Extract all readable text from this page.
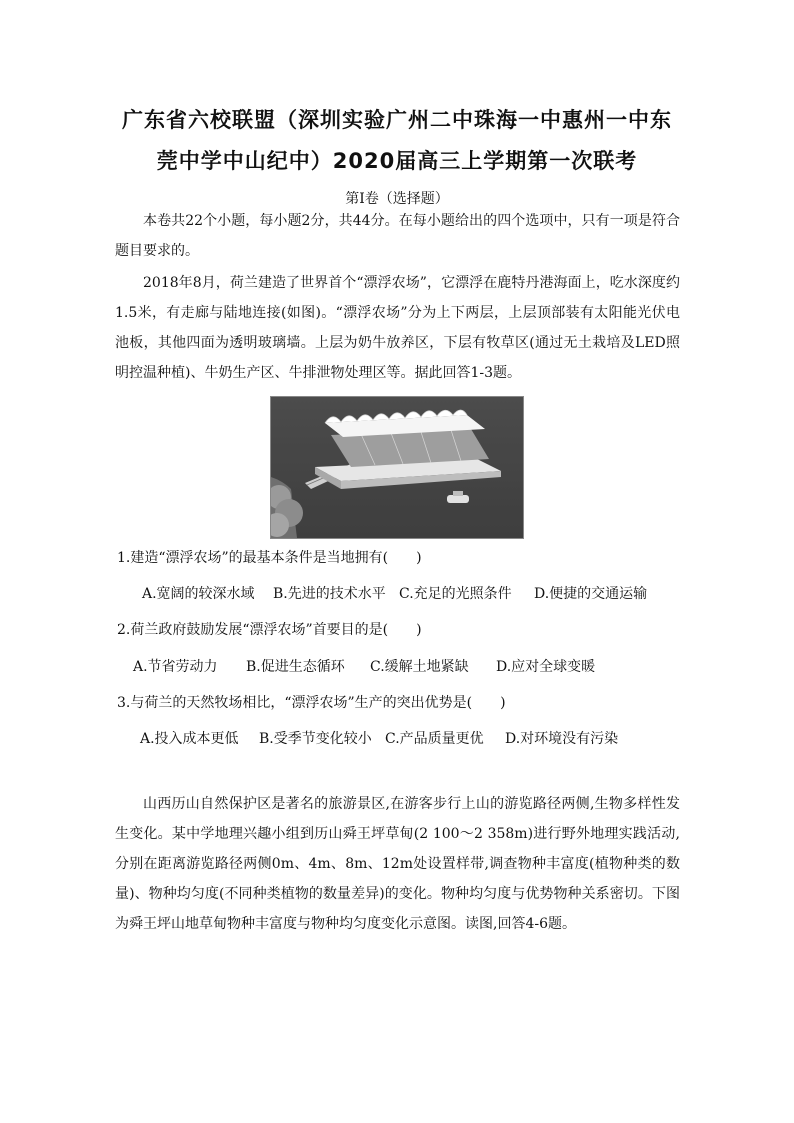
广东省六校联盟（深圳实验广州二中珠海一中惠州一中东
莞中学中山纪中）2020届高三上学期第一次联考
第Ⅰ卷（选择题）

本卷共22个小题，每小题2分，共44分。在每小题给出的四个选项中，只有一项是符合题目要求的。

2018年8月，荷兰建造了世界首个“漂浮农场”，它漂浮在鹿特丹港海面上，吃水深度约1.5米，有走廊与陆地连接(如图)。“漂浮农场”分为上下两层，上层顶部装有太阳能光伏电池板，其他四面为透明玻璃墙。上层为奶牛放养区，下层有牧草区(通过无土栽培及LED照明控温种植)、牛奶生产区、牛排泄物处理区等。据此回答1-3题。

1.建造“漂浮农场”的最基本条件是当地拥有(　　)
A.宽阔的较深水域 B.先进的技术水平 C.充足的光照条件 D.便捷的交通运输
2.荷兰政府鼓励发展“漂浮农场”首要目的是(　　)
A.节省劳动力 B.促进生态循环 C.缓解土地紧缺 D.应对全球变暖
3.与荷兰的天然牧场相比，“漂浮农场”生产的突出优势是(　　)
A.投入成本更低 B.受季节变化较小 C.产品质量更优 D.对环境没有污染

山西历山自然保护区是著名的旅游景区,在游客步行上山的游览路径两侧,生物多样性发生变化。某中学地理兴趣小组到历山舜王坪草甸(2 100～2 358m)进行野外地理实践活动,分别在距离游览路径两侧0m、4m、8m、12m处设置样带,调查物种丰富度(植物种类的数量)、物种均匀度(不同种类植物的数量差异)的变化。物种均匀度与优势物种关系密切。下图为舜王坪山地草甸物种丰富度与物种均匀度变化示意图。读图,回答4-6题。
